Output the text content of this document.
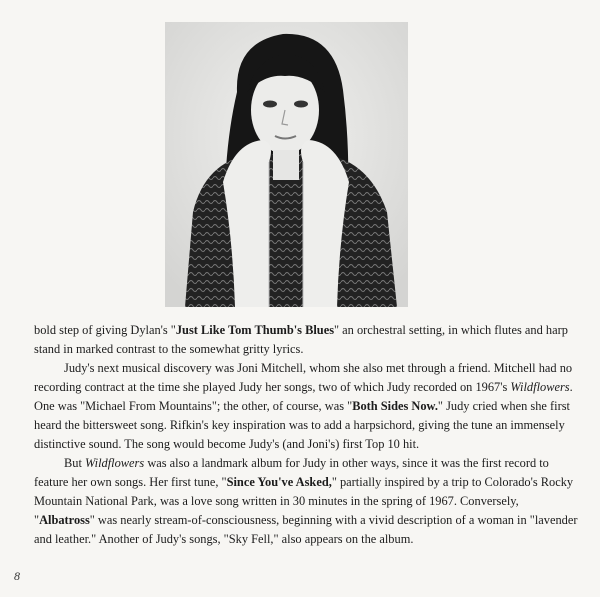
bold step of giving Dylan's "Just Like Tom Thumb's Blues" an orchestral setting, in which flutes and harp stand in marked contrast to the somewhat gritty lyrics.

Judy's next musical discovery was Joni Mitchell, whom she also met through a friend. Mitchell had no recording contract at the time she played Judy her songs, two of which Judy recorded on 1967's Wildflowers. One was "Michael From Mountains"; the other, of course, was "Both Sides Now." Judy cried when she first heard the bittersweet song. Rifkin's key inspiration was to add a harpsichord, giving the tune an immensely distinctive sound. The song would become Judy's (and Joni's) first Top 10 hit.

But Wildflowers was also a landmark album for Judy in other ways, since it was the first record to feature her own songs. Her first tune, "Since You've Asked," partially inspired by a trip to Colorado's Rocky Mountain National Park, was a love song written in 30 minutes in the spring of 1967. Conversely, "Albatross" was nearly stream-of-consciousness, beginning with a vivid description of a woman in "lavender and leather." Another of Judy's songs, "Sky Fell," also appears on the album.

8
